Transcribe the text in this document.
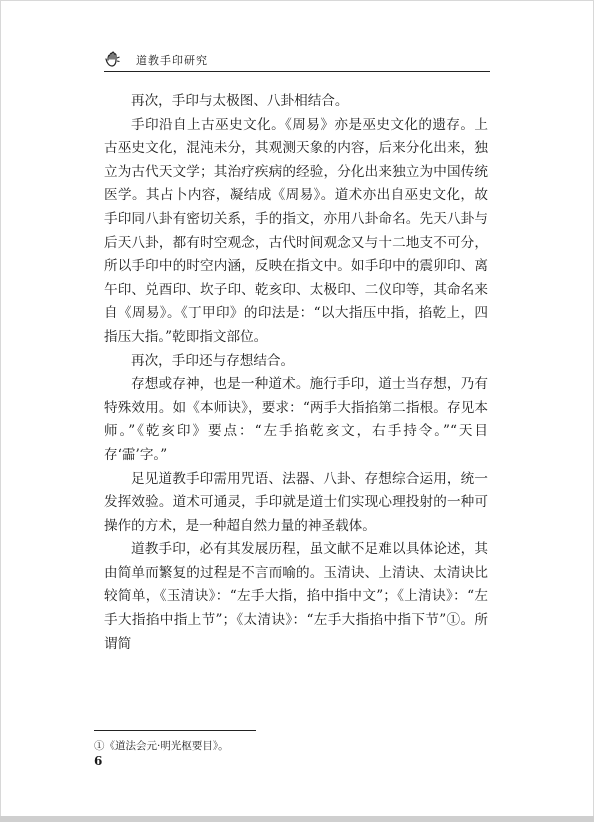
道教手印研究

再次，手印与太极图、八卦相结合。

手印沿自上古巫史文化。《周易》亦是巫史文化的遗存。上古巫史文化，混沌未分，其观测天象的内容，后来分化出来，独立为古代天文学；其治疗疾病的经验，分化出来独立为中国传统医学。其占卜内容，凝结成《周易》。道术亦出自巫史文化，故手印同八卦有密切关系，手的指文，亦用八卦命名。先天八卦与后天八卦，都有时空观念，古代时间观念又与十二地支不可分，所以手印中的时空内涵，反映在指文中。如手印中的震卯印、离午印、兑酉印、坎子印、乾亥印、太极印、二仪印等，其命名来自《周易》。《丁甲印》的印法是：“以大指压中指，掐乾上，四指压大指。”乾即指文部位。

再次，手印还与存想结合。

存想或存神，也是一种道术。施行手印，道士当存想，乃有特殊效用。如《本师诀》，要求：“两手大指掐第二指根。存见本师。”《乾亥印》要点：“左手掐乾亥文，右手持令。”“天目存‘霝’字。”

足见道教手印需用咒语、法器、八卦、存想综合运用，统一发挥效验。道术可通灵，手印就是道士们实现心理投射的一种可操作的方术，是一种超自然力量的神圣载体。

道教手印，必有其发展历程，虽文献不足难以具体论述，其由简单而繁复的过程是不言而喻的。玉清诀、上清诀、太清诀比较简单，《玉清诀》：“左手大指，掐中指中文”；《上清诀》：“左手大指掐中指上节”；《太清诀》：“左手大指掐中指下节”①。所谓简

①《道法会元·明光枢要目》。
6
